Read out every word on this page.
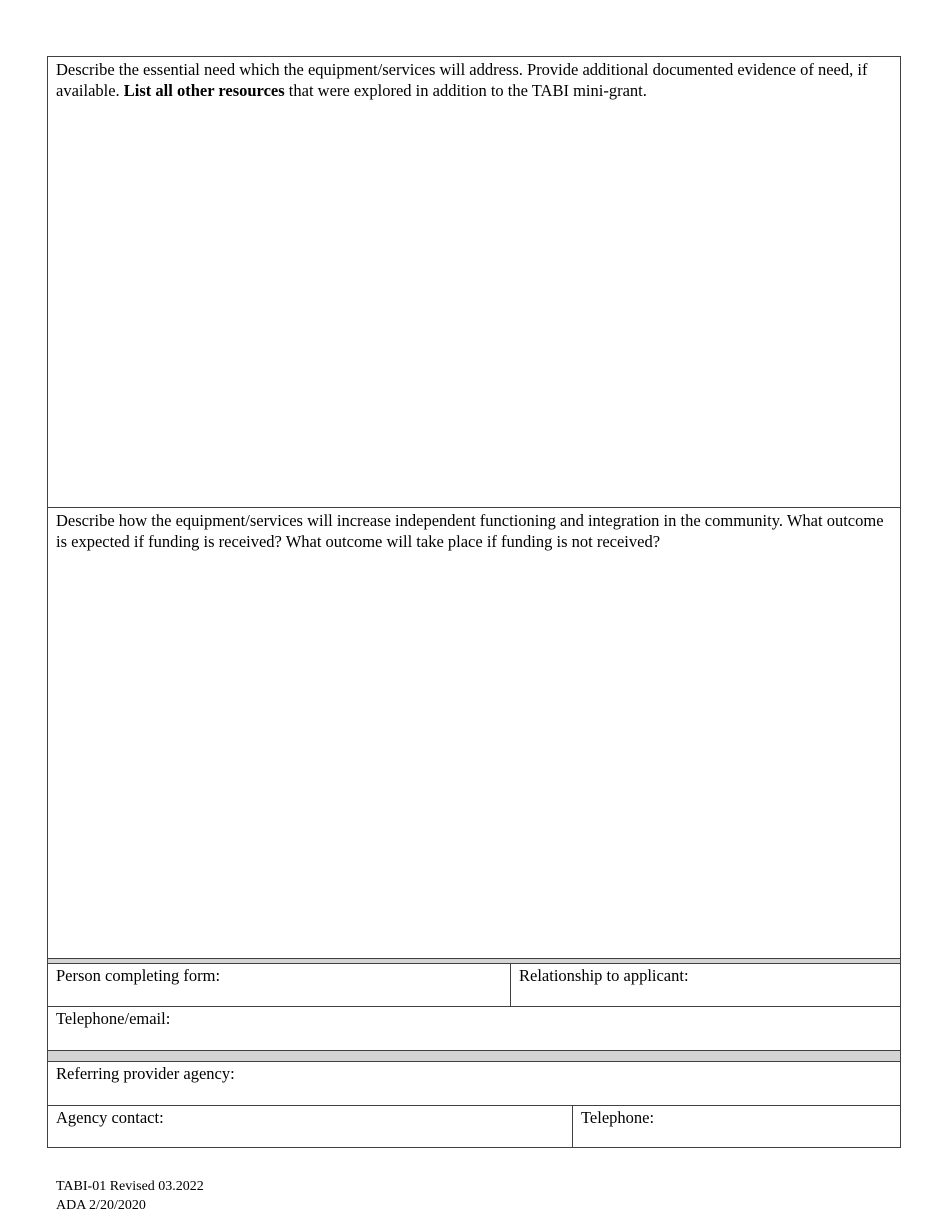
Describe the essential need which the equipment/services will address. Provide additional documented evidence of need, if available. List all other resources that were explored in addition to the TABI mini-grant.
Describe how the equipment/services will increase independent functioning and integration in the community. What outcome is expected if funding is received? What outcome will take place if funding is not received?
Person completing form:	Relationship to applicant:
Telephone/email:
Referring provider agency:
Agency contact:	Telephone:
TABI-01 Revised 03.2022
ADA 2/20/2020
